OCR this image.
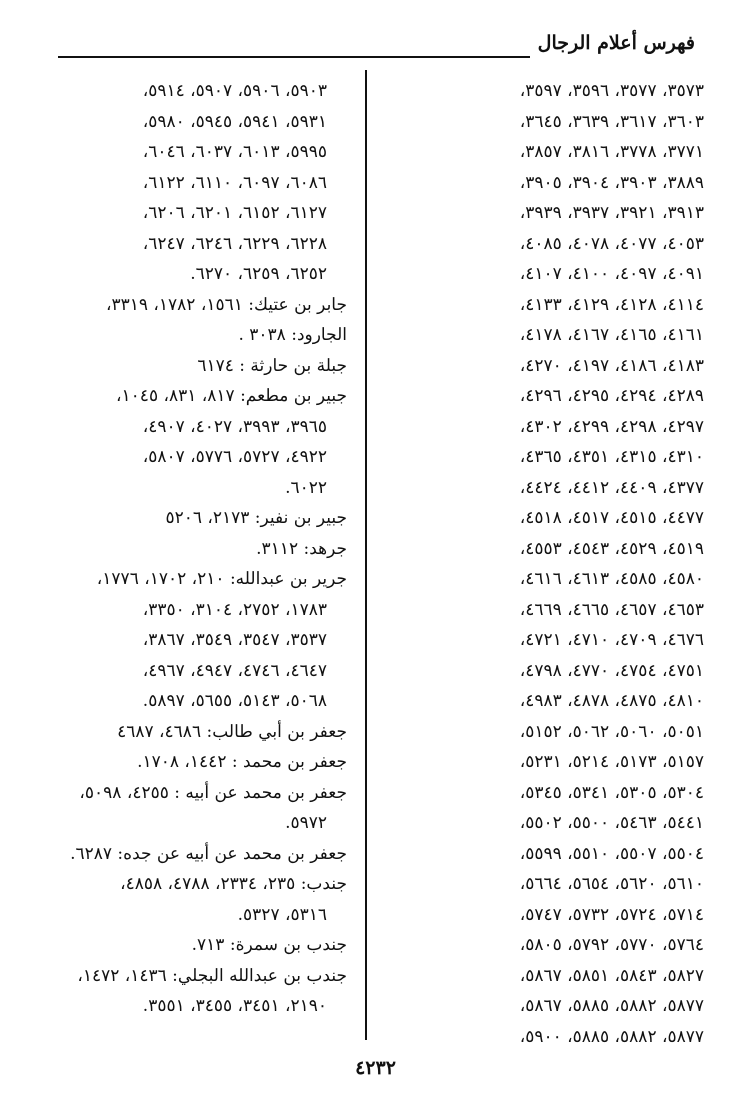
فهرس أعلام الرجال
٣٥٧٣، ٣٥٧٧، ٣٥٩٦، ٣٥٩٧،
٣٦٠٣، ٣٦١٧، ٣٦٣٩، ٣٦٤٥،
٣٧٧١، ٣٧٧٨، ٣٨١٦، ٣٨٥٧،
٣٨٨٩، ٣٩٠٣، ٣٩٠٤، ٣٩٠٥،
٣٩١٣، ٣٩٢١، ٣٩٣٧، ٣٩٣٩،
٤٠٥٣، ٤٠٧٧، ٤٠٧٨، ٤٠٨٥،
٤٠٩١، ٤٠٩٧، ٤١٠٠، ٤١٠٧،
٤١١٤، ٤١٢٨، ٤١٢٩، ٤١٣٣،
٤١٦١، ٤١٦٥، ٤١٦٧، ٤١٧٨،
٤١٨٣، ٤١٨٦، ٤١٩٧، ٤٢٧٠،
٤٢٨٩، ٤٢٩٤، ٤٢٩٥، ٤٢٩٦،
٤٢٩٧، ٤٢٩٨، ٤٢٩٩، ٤٣٠٢،
٤٣١٠، ٤٣١٥، ٤٣٥١، ٤٣٦٥،
٤٣٧٧، ٤٤٠٩، ٤٤١٢، ٤٤٢٤،
٤٤٧٧، ٤٥١٥، ٤٥١٧، ٤٥١٨،
٤٥١٩، ٤٥٢٩، ٤٥٤٣، ٤٥٥٣،
٤٥٨٠، ٤٥٨٥، ٤٦١٣، ٤٦١٦،
٤٦٥٣، ٤٦٥٧، ٤٦٦٥، ٤٦٦٩،
٤٦٧٦، ٤٧٠٩، ٤٧١٠، ٤٧٢١،
٤٧٥١، ٤٧٥٤، ٤٧٧٠، ٤٧٩٨،
٤٨١٠، ٤٨٧٥، ٤٨٧٨، ٤٩٨٣،
٥٠٥١، ٥٠٦٠، ٥٠٦٢، ٥١٥٢،
٥١٥٧، ٥١٧٣، ٥٢١٤، ٥٢٣١،
٥٣٠٤، ٥٣٠٥، ٥٣٤١، ٥٣٤٥،
٥٤٤١، ٥٤٦٣، ٥٥٠٠، ٥٥٠٢،
٥٥٠٤، ٥٥٠٧، ٥٥١٠، ٥٥٩٩،
٥٦١٠، ٥٦٢٠، ٥٦٥٤، ٥٦٦٤،
٥٧١٤، ٥٧٢٤، ٥٧٣٢، ٥٧٤٧،
٥٧٦٤، ٥٧٧٠، ٥٧٩٢، ٥٨٠٥،
٥٨٢٧، ٥٨٤٣، ٥٨٥١، ٥٨٦٧،
٥٨٧٧، ٥٨٨٢، ٥٨٨٥، ٥٨٦٧،
٥٨٧٧، ٥٨٨٢، ٥٨٨٥، ٥٩٠٠،
٥٩٠٣، ٥٩٠٦، ٥٩٠٧، ٥٩١٤،
٥٩٣١، ٥٩٤١، ٥٩٤٥، ٥٩٨٠،
٥٩٩٥، ٦٠١٣، ٦٠٣٧، ٦٠٤٦،
٦٠٨٦، ٦٠٩٧، ٦١١٠، ٦١٢٢،
٦١٢٧، ٦١٥٢، ٦٢٠١، ٦٢٠٦،
٦٢٢٨، ٦٢٢٩، ٦٢٤٦، ٦٢٤٧،
٦٢٥٢، ٦٢٥٩، ٦٢٧٠.
جابر بن عتيك: ١٥٦١، ١٧٨٢، ٣٣١٩،
الجارود: ٣٠٣٨ .
جبلة بن حارثة : ٦١٧٤
جبير بن مطعم: ٨١٧، ٨٣١، ١٠٤٥،
٣٩٦٥، ٣٩٩٣، ٤٠٢٧، ٤٩٠٧،
٤٩٢٢، ٥٧٢٧، ٥٧٧٦، ٥٨٠٧،
٦٠٢٢.
جبير بن نفير: ٢١٧٣، ٥٢٠٦
جرهد: ٣١١٢.
جرير بن عبدالله: ٢١٠، ١٧٠٢، ١٧٧٦،
١٧٨٣، ٢٧٥٢، ٣١٠٤، ٣٣٥٠،
٣٥٣٧، ٣٥٤٧، ٣٥٤٩، ٣٨٦٧،
٤٦٤٧، ٤٧٤٦، ٤٩٤٧، ٤٩٦٧،
٥٠٦٨، ٥١٤٣، ٥٦٥٥، ٥٨٩٧.
جعفر بن أبي طالب: ٤٦٨٦، ٤٦٨٧
جعفر بن محمد : ١٤٤٢، ١٧٠٨.
جعفر بن محمد عن أبيه : ٤٢٥٥، ٥٠٩٨،
٥٩٧٢.
جعفر بن محمد عن أبيه عن جده: ٦٢٨٧.
جندب: ٢٣٥، ٢٣٣٤، ٤٧٨٨، ٤٨٥٨،
٥٣١٦، ٥٣٢٧.
جندب بن سمرة: ٧١٣.
جندب بن عبدالله البجلي: ١٤٣٦، ١٤٧٢،
٢١٩٠، ٣٤٥١، ٣٤٥٥، ٣٥٥١.
٤٢٣٢
